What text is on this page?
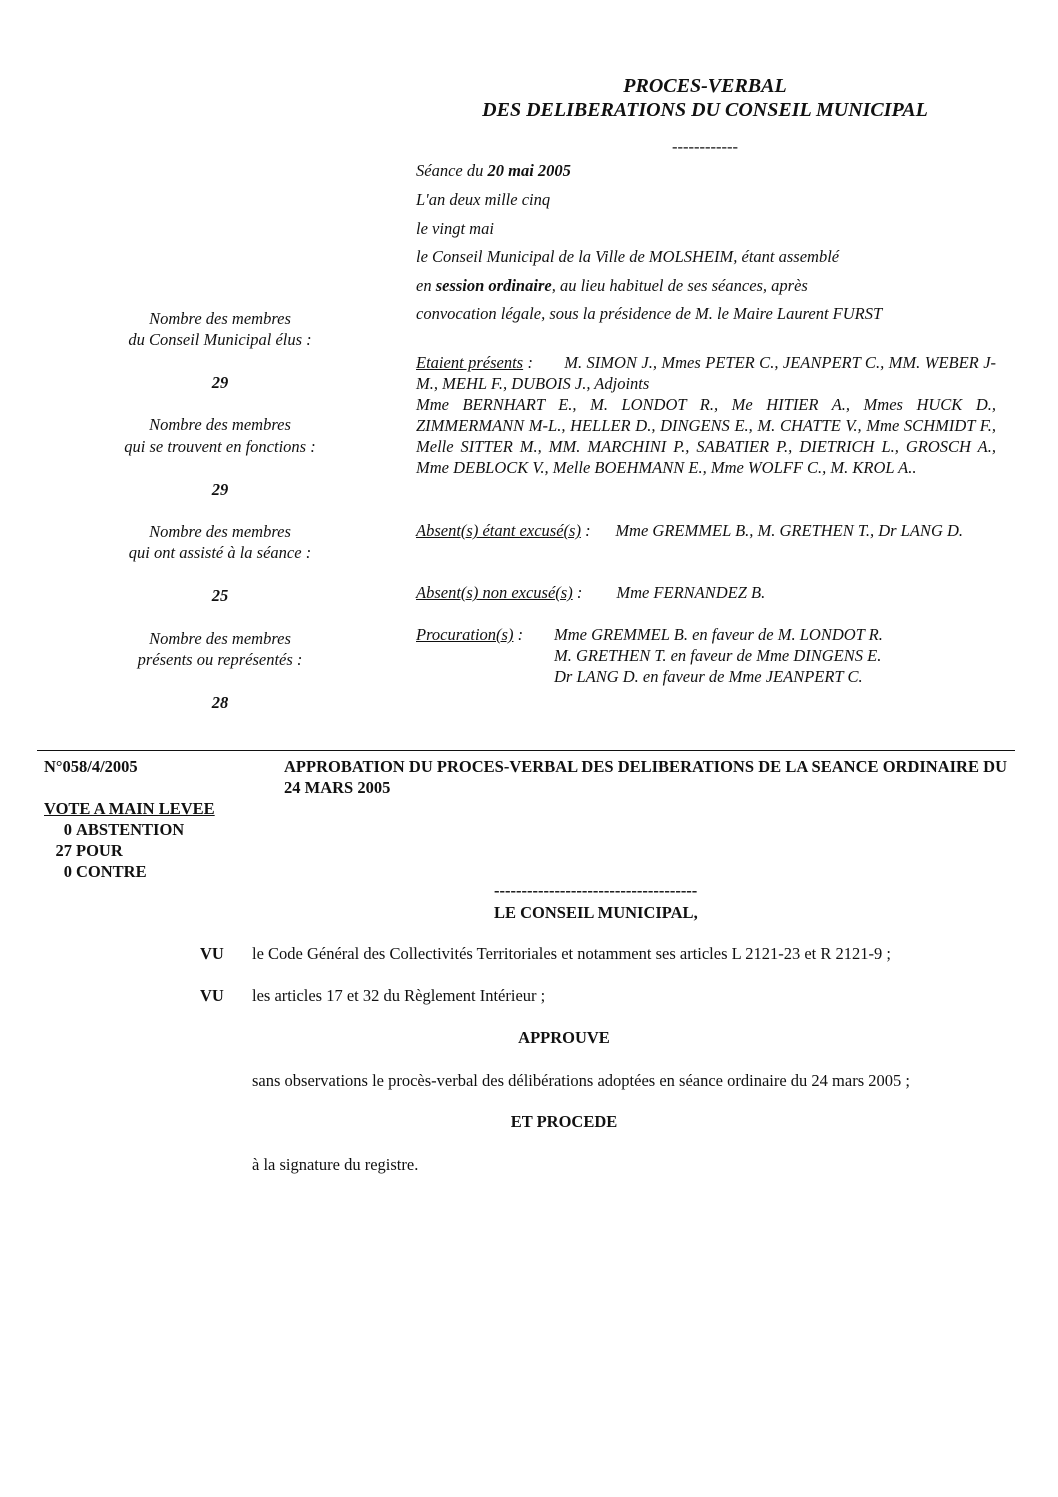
PROCES-VERBAL
DES DELIBERATIONS DU CONSEIL MUNICIPAL
------------
Séance du 20 mai 2005
L'an deux mille cinq
le vingt mai
le Conseil Municipal de la Ville de MOLSHEIM, étant assemblé
en session ordinaire, au lieu habituel de ses séances, après
convocation légale, sous la présidence de M. le Maire Laurent FURST
Nombre des membres
du Conseil Municipal élus :
29
Nombre des membres
qui se trouvent en fonctions :
29
Nombre des membres
qui ont assisté à la séance :
25
Nombre des membres
présents ou représentés :
28
Etaient présents : M. SIMON J., Mmes PETER C., JEANPERT C., MM. WEBER J-M., MEHL F., DUBOIS J., Adjoints
Mme BERNHART E., M. LONDOT R., Me HITIER A., Mmes HUCK D., ZIMMERMANN M-L., HELLER D., DINGENS E., M. CHATTE V., Mme SCHMIDT F., Melle SITTER M., MM. MARCHINI P., SABATIER P., DIETRICH L., GROSCH A., Mme DEBLOCK V., Melle BOEHMANN E., Mme WOLFF C., M. KROL A..
Absent(s) étant excusé(s) : Mme GREMMEL B., M. GRETHEN T., Dr LANG D.
Absent(s) non excusé(s) : Mme FERNANDEZ B.
Procuration(s) :	Mme GREMMEL B. en faveur de M. LONDOT R.
M. GRETHEN T. en faveur de Mme DINGENS E.
Dr LANG D. en faveur de Mme JEANPERT C.
N°058/4/2005	APPROBATION DU PROCES-VERBAL DES DELIBERATIONS DE LA SEANCE ORDINAIRE DU 24 MARS 2005
VOTE A MAIN LEVEE
0 ABSTENTION
27 POUR
0 CONTRE
-------------------------------------
LE CONSEIL MUNICIPAL,
VU	le Code Général des Collectivités Territoriales et notamment ses articles L 2121-23 et R 2121-9 ;
VU	les articles 17 et 32 du Règlement Intérieur ;
APPROUVE
sans observations le procès-verbal des délibérations adoptées en séance ordinaire du 24 mars 2005 ;
ET PROCEDE
à la signature du registre.
